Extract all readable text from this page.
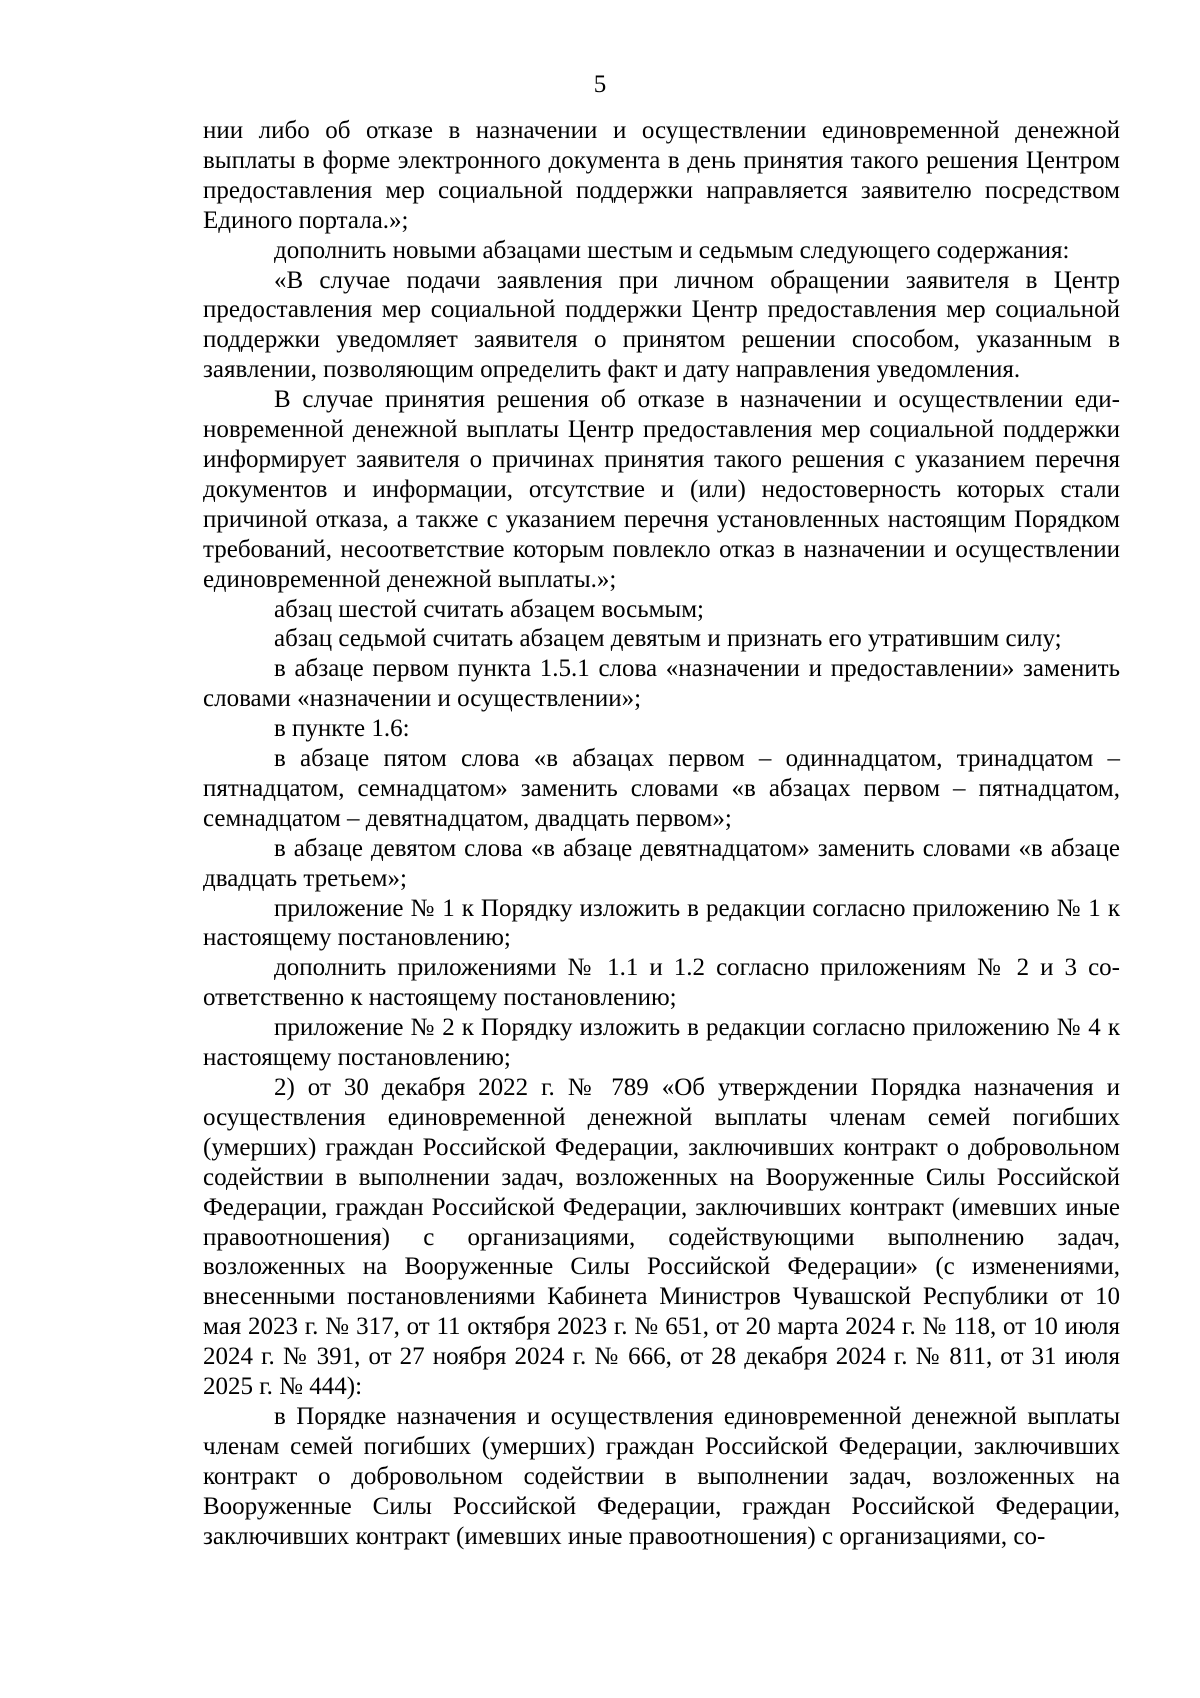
5

нии либо об отказе в назначении и осуществлении единовременной денежной выплаты в форме электронного документа в день принятия такого решения Центром предоставления мер социальной поддержки направляется заявителю посредством Единого портала.»;

дополнить новыми абзацами шестым и седьмым следующего содержания:

«В случае подачи заявления при личном обращении заявителя в Центр предоставления мер социальной поддержки Центр предоставления мер социальной поддержки уведомляет заявителя о принятом решении способом, указанным в заявлении, позволяющим определить факт и дату направления уведомления.

В случае принятия решения об отказе в назначении и осуществлении единовременной денежной выплаты Центр предоставления мер социальной поддержки информирует заявителя о причинах принятия такого решения с указанием перечня документов и информации, отсутствие и (или) недостоверность которых стали причиной отказа, а также с указанием перечня установленных настоящим Порядком требований, несоответствие которым повлекло отказ в назначении и осуществлении единовременной денежной выплаты.»;

абзац шестой считать абзацем восьмым;

абзац седьмой считать абзацем девятым и признать его утратившим силу;

в абзаце первом пункта 1.5.1 слова «назначении и предоставлении» заменить словами «назначении и осуществлении»;

в пункте 1.6:

в абзаце пятом слова «в абзацах первом – одиннадцатом, тринадцатом – пятнадцатом, семнадцатом» заменить словами «в абзацах первом – пятнадцатом, семнадцатом – девятнадцатом, двадцать первом»;

в абзаце девятом слова «в абзаце девятнадцатом» заменить словами «в абзаце двадцать третьем»;

приложение № 1 к Порядку изложить в редакции согласно приложению № 1 к настоящему постановлению;

дополнить приложениями № 1.1 и 1.2 согласно приложениям № 2 и 3 соответственно к настоящему постановлению;

приложение № 2 к Порядку изложить в редакции согласно приложению № 4 к настоящему постановлению;

2) от 30 декабря 2022 г. № 789 «Об утверждении Порядка назначения и осуществления единовременной денежной выплаты членам семей погибших (умерших) граждан Российской Федерации, заключивших контракт о добровольном содействии в выполнении задач, возложенных на Вооруженные Силы Российской Федерации, граждан Российской Федерации, заключивших контракт (имевших иные правоотношения) с организациями, содействующими выполнению задач, возложенных на Вооруженные Силы Российской Федерации» (с изменениями, внесенными постановлениями Кабинета Министров Чувашской Республики от 10 мая 2023 г. № 317, от 11 октября 2023 г. № 651, от 20 марта 2024 г. № 118, от 10 июля 2024 г. № 391, от 27 ноября 2024 г. № 666, от 28 декабря 2024 г. № 811, от 31 июля 2025 г. № 444):

в Порядке назначения и осуществления единовременной денежной выплаты членам семей погибших (умерших) граждан Российской Федерации, заключивших контракт о добровольном содействии в выполнении задач, возложенных на Вооруженные Силы Российской Федерации, граждан Российской Федерации, заключивших контракт (имевших иные правоотношения) с организациями, со-
